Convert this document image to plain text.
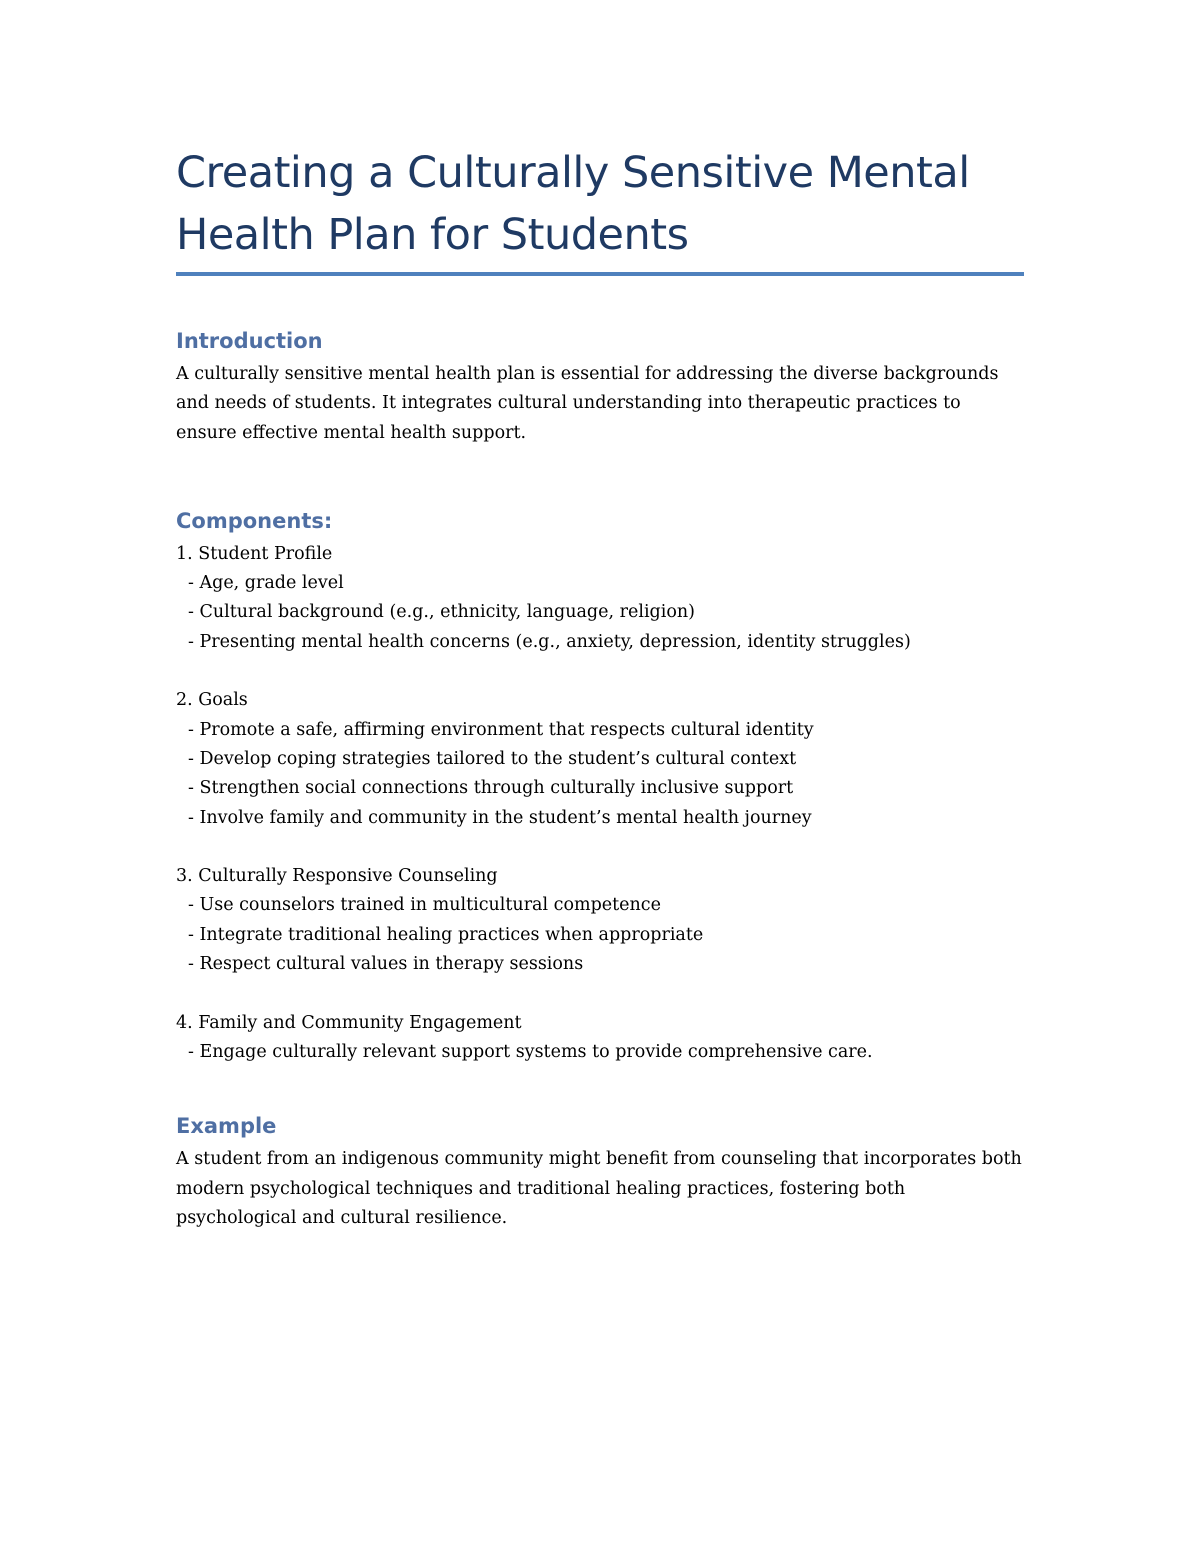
Creating a Culturally Sensitive Mental Health Plan for Students
Introduction

A culturally sensitive mental health plan is essential for addressing the diverse backgrounds and needs of students. It integrates cultural understanding into therapeutic practices to ensure effective mental health support.

Components:

1. Student Profile

- Age, grade level
- Cultural background (e.g., ethnicity, language, religion)
- Presenting mental health concerns (e.g., anxiety, depression, identity struggles)

2. Goals

- Promote a safe, affirming environment that respects cultural identity
- Develop coping strategies tailored to the student’s cultural context
- Strengthen social connections through culturally inclusive support
- Involve family and community in the student’s mental health journey

3. Culturally Responsive Counseling

- Use counselors trained in multicultural competence
- Integrate traditional healing practices when appropriate
- Respect cultural values in therapy sessions

4. Family and Community Engagement

- Engage culturally relevant support systems to provide comprehensive care.
Example

A student from an indigenous community might benefit from counseling that incorporates both modern psychological techniques and traditional healing practices, fostering both psychological and cultural resilience.
